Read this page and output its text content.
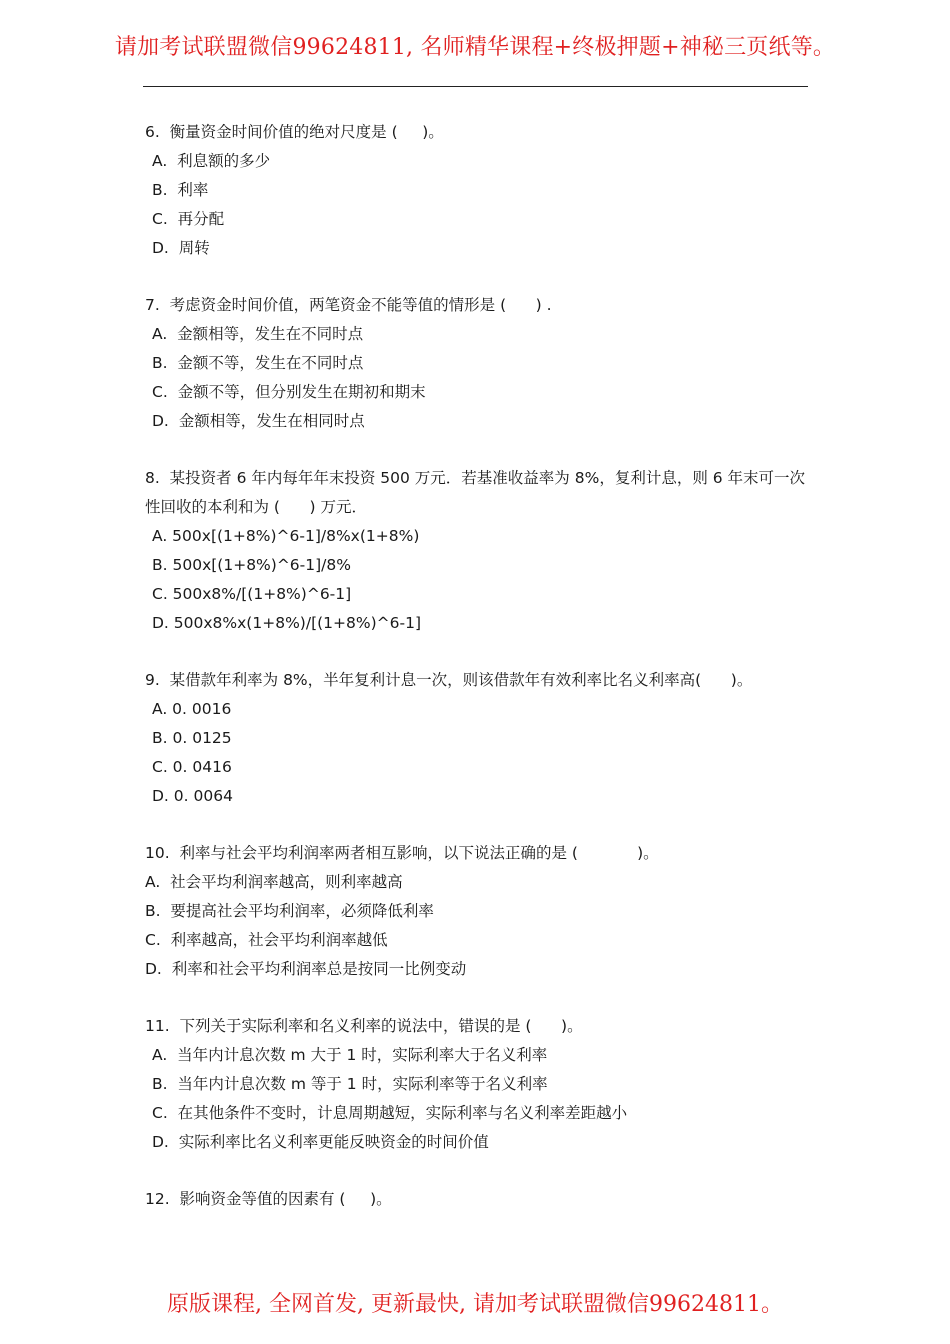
请加考试联盟微信99624811, 名师精华课程+终极押题+神秘三页纸等。
6.  衡量资金时间价值的绝对尺度是 (     )。
A.  利息额的多少
B.  利率
C.  再分配
D.  周转
7.  考虑资金时间价值，两笔资金不能等值的情形是 (      ) .
A.  金额相等，发生在不同时点
B.  金额不等，发生在不同时点
C.  金额不等，但分别发生在期初和期末
D.  金额相等，发生在相同时点
8.  某投资者 6 年内每年年末投资 500 万元．若基准收益率为 8%，复利计息，则 6 年末可一次性回收的本利和为 (      ) 万元．
A. 500x[(1+8%)^6-1]/8%x(1+8%)
B. 500x[(1+8%)^6-1]/8%
C. 500x8%/[(1+8%)^6-1]
D. 500x8%x(1+8%)/[(1+8%)^6-1]
9.  某借款年利率为 8%，半年复利计息一次，则该借款年有效利率比名义利率高(      )。
A. 0. 0016
B. 0. 0125
C. 0. 0416
D. 0. 0064
10.  利率与社会平均利润率两者相互影响，以下说法正确的是 (            )。
A.  社会平均利润率越高，则利率越高
B.  要提高社会平均利润率，必须降低利率
C.  利率越高，社会平均利润率越低
D.  利率和社会平均利润率总是按同一比例变动
11.  下列关于实际利率和名义利率的说法中，错误的是 (      )。
A.  当年内计息次数 m 大于 1 时，实际利率大于名义利率
B.  当年内计息次数 m 等于 1 时，实际利率等于名义利率
C.  在其他条件不变时，计息周期越短，实际利率与名义利率差距越小
D.  实际利率比名义利率更能反映资金的时间价值
12.  影响资金等值的因素有 (     )。
原版课程, 全网首发, 更新最快, 请加考试联盟微信99624811。
